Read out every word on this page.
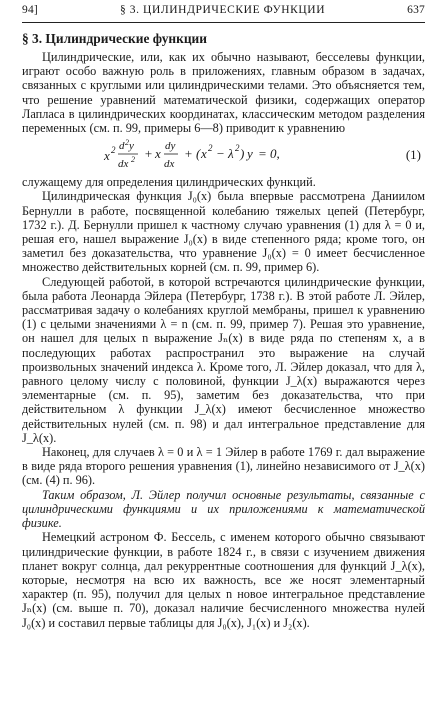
94]	§ 3. ЦИЛИНДРИЧЕСКИЕ ФУНКЦИИ	637
§ 3. Цилиндрические функции

Цилиндрические, или, как их обычно называют, бесселевы функции, играют особо важную роль в приложениях, главным образом в задачах, связанных с круглыми или цилиндрическими телами. Это объясняется тем, что решение уравнений математической физики, содержащих оператор Лапласа в цилиндрических координатах, классическим методом разделения переменных (см. п. 99, примеры 6—8) приводит к уравнению

x 2 d 2 y
dx 2 + x dy
dx
+ ( x 2 − λ 2 ) y = 0,	(1)

служащему для определения цилиндрических функций.

Цилиндрическая функция J₀(x) была впервые рассмотрена Даниилом Бернулли в работе, посвященной колебанию тяжелых цепей (Петербург, 1732 г.). Д. Бернулли пришел к частному случаю уравнения (1) для λ = 0 и, решая его, нашел выражение J₀(x) в виде степенного ряда; кроме того, он заметил без доказательства, что уравнение J₀(x) = 0 имеет бесчисленное множество действительных корней (см. п. 99, пример 6).

Следующей работой, в которой встречаются цилиндрические функции, была работа Леонарда Эйлера (Петербург, 1738 г.). В этой работе Л. Эйлер, рассматривая задачу о колебаниях круглой мембраны, пришел к уравнению (1) с целыми значениями λ = n (см. п. 99, пример 7). Решая это уравнение, он нашел для целых n выражение Jₙ(x) в виде ряда по степеням x, а в последующих работах распространил это выражение на случай произвольных значений индекса λ. Кроме того, Л. Эйлер доказал, что для λ, равного целому числу с половиной, функции J_λ(x) выражаются через элементарные (см. п. 95), заметим без доказательства, что при действительном λ функции J_λ(x) имеют бесчисленное множество действительных нулей (см. п. 98) и дал интегральное представление для J_λ(x).

Наконец, для случаев λ = 0 и λ = 1 Эйлер в работе 1769 г. дал выражение в виде ряда второго решения уравнения (1), линейно независимого от J_λ(x) (см. (4) п. 96).

Таким образом, Л. Эйлер получил основные результаты, связанные с цилиндрическими функциями и их приложениями к математической физике.

Немецкий астроном Ф. Бессель, с именем которого обычно связывают цилиндрические функции, в работе 1824 г., в связи с изучением движения планет вокруг солнца, дал рекуррентные соотношения для функций J_λ(x), которые, несмотря на всю их важность, все же носят элементарный характер (п. 95), получил для целых n новое интегральное представление Jₙ(x) (см. выше п. 70), доказал наличие бесчисленного множества нулей J₀(x) и составил первые таблицы для J₀(x), J₁(x) и J₂(x).
